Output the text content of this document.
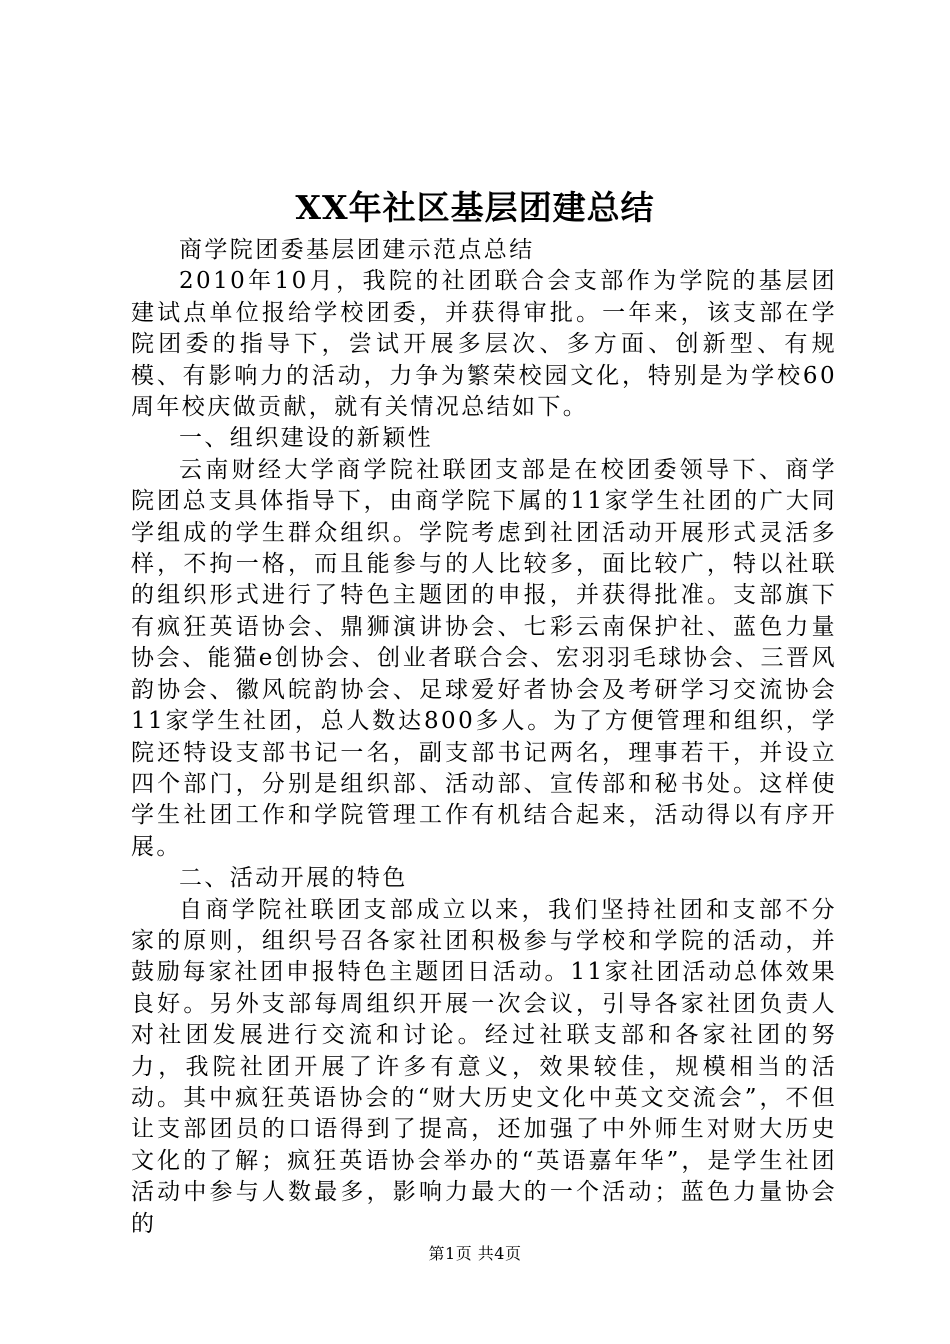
XX年社区基层团建总结

商学院团委基层团建示范点总结

2010年10月，我院的社团联合会支部作为学院的基层团建试点单位报给学校团委，并获得审批。一年来，该支部在学院团委的指导下，尝试开展多层次、多方面、创新型、有规模、有影响力的活动，力争为繁荣校园文化，特别是为学校60周年校庆做贡献，就有关情况总结如下。

一、组织建设的新颖性

云南财经大学商学院社联团支部是在校团委领导下、商学院团总支具体指导下，由商学院下属的11家学生社团的广大同学组成的学生群众组织。学院考虑到社团活动开展形式灵活多样，不拘一格，而且能参与的人比较多，面比较广，特以社联的组织形式进行了特色主题团的申报，并获得批准。支部旗下有疯狂英语协会、鼎狮演讲协会、七彩云南保护社、蓝色力量协会、能猫e创协会、创业者联合会、宏羽羽毛球协会、三晋风韵协会、徽风皖韵协会、足球爱好者协会及考研学习交流协会11家学生社团，总人数达800多人。为了方便管理和组织，学院还特设支部书记一名，副支部书记两名，理事若干，并设立四个部门，分别是组织部、活动部、宣传部和秘书处。这样使学生社团工作和学院管理工作有机结合起来，活动得以有序开展。

二、活动开展的特色

自商学院社联团支部成立以来，我们坚持社团和支部不分家的原则，组织号召各家社团积极参与学校和学院的活动，并鼓励每家社团申报特色主题团日活动。11家社团活动总体效果良好。另外支部每周组织开展一次会议，引导各家社团负责人对社团发展进行交流和讨论。经过社联支部和各家社团的努力，我院社团开展了许多有意义，效果较佳，规模相当的活动。其中疯狂英语协会的“财大历史文化中英文交流会”，不但让支部团员的口语得到了提高，还加强了中外师生对财大历史文化的了解；疯狂英语协会举办的“英语嘉年华”，是学生社团活动中参与人数最多，影响力最大的一个活动；蓝色力量协会的

第1页 共4页
